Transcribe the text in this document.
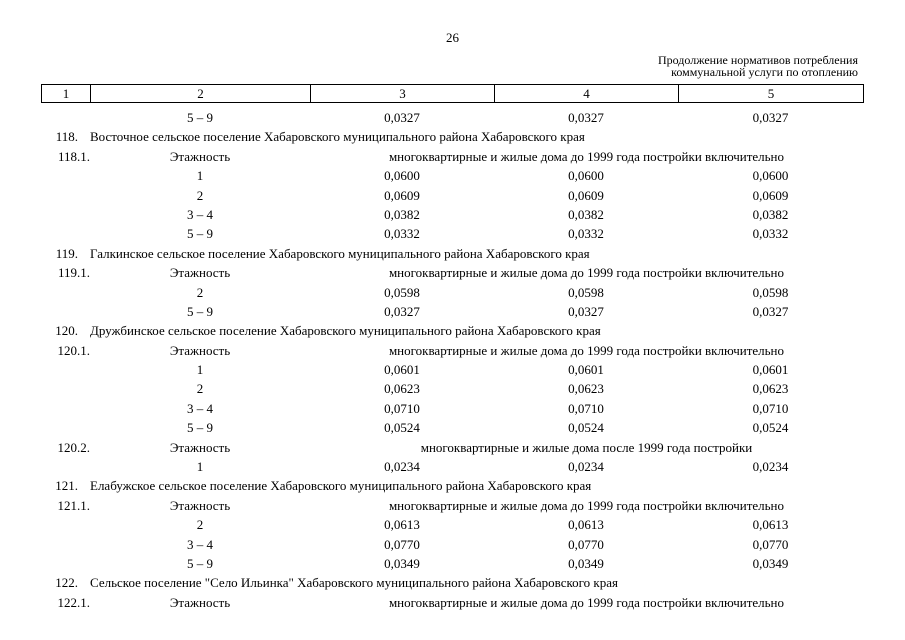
26
Продолжение нормативов потребления
коммунальной услуги по отоплению
1	2	3	4	5
5 – 9	0,0327	0,0327	0,0327
118. Восточное сельское поселение Хабаровского муниципального района Хабаровского края
118.1.	Этажность	многоквартирные и жилые дома до 1999 года постройки включительно
1	0,0600	0,0600	0,0600
2	0,0609	0,0609	0,0609
3 – 4	0,0382	0,0382	0,0382
5 – 9	0,0332	0,0332	0,0332
119. Галкинское сельское поселение Хабаровского муниципального района Хабаровского края
119.1.	Этажность	многоквартирные и жилые дома до 1999 года постройки включительно
2	0,0598	0,0598	0,0598
5 – 9	0,0327	0,0327	0,0327
120. Дружбинское сельское поселение Хабаровского муниципального района Хабаровского края
120.1.	Этажность	многоквартирные и жилые дома до 1999 года постройки включительно
1	0,0601	0,0601	0,0601
2	0,0623	0,0623	0,0623
3 – 4	0,0710	0,0710	0,0710
5 – 9	0,0524	0,0524	0,0524
120.2.	Этажность	многоквартирные и жилые дома после 1999 года постройки
1	0,0234	0,0234	0,0234
121. Елабужское сельское поселение Хабаровского муниципального района Хабаровского края
121.1.	Этажность	многоквартирные и жилые дома до 1999 года постройки включительно
2	0,0613	0,0613	0,0613
3 – 4	0,0770	0,0770	0,0770
5 – 9	0,0349	0,0349	0,0349
122. Сельское поселение "Село Ильинка" Хабаровского муниципального района Хабаровского края
122.1.	Этажность	многоквартирные и жилые дома до 1999 года постройки включительно
